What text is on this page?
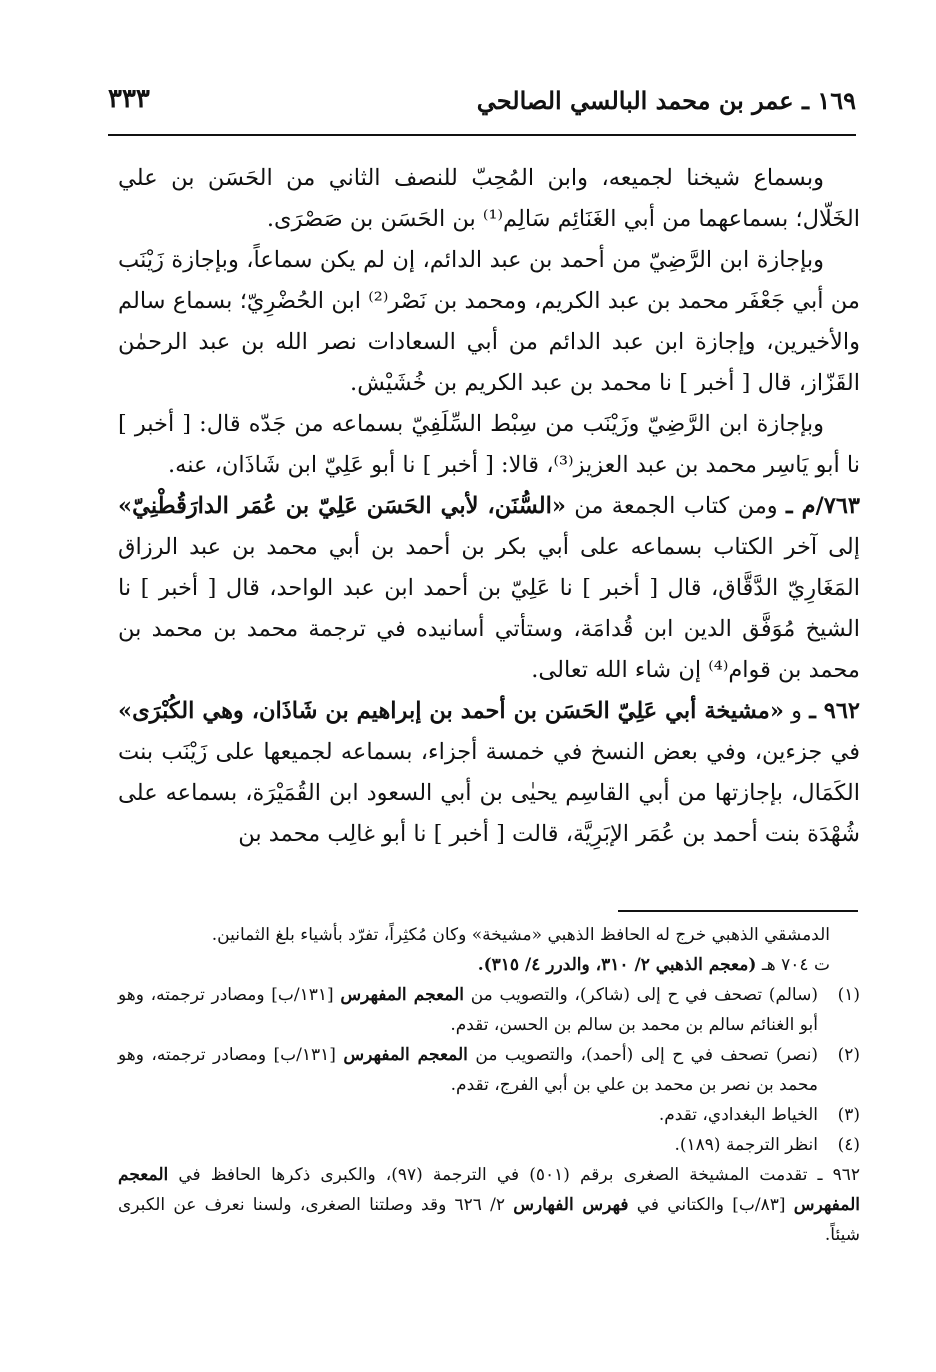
١٦٩ ـ عمر بن محمد البالسي الصالحي
٣٣٣

وبسماع شيخنا لجميعه، وابن المُحِبّ للنصف الثاني من الحَسَن بن علي الخَلّال؛ بسماعهما من أبي الغَنَائِم سَالِم⁽¹⁾ بن الحَسَن بن صَصْرَى.

وبإجازة ابن الرَّضِيّ من أحمد بن عبد الدائم، إن لم يكن سماعاً، وبإجازة زَيْنَب من أبي جَعْفَر محمد بن عبد الكريم، ومحمد بن نَصْر⁽²⁾ ابن الحُضْرِيّ؛ بسماع سالم والأخيرين، وإجازة ابن عبد الدائم من أبي السعادات نصر الله بن عبد الرحمٰن القَزّاز، قال [ أخبر ] نا محمد بن عبد الكريم بن خُشَيْش.

وبإجازة ابن الرَّضِيّ وزَيْنَب من سِبْط السِّلَفِيّ بسماعه من جَدّه قال: [ أخبر ] نا أبو يَاسِر محمد بن عبد العزيز⁽³⁾، قالا: [ أخبر ] نا أبو عَلِيّ ابن شَاذَان، عنه.

٧٦٣/م ـ ومن كتاب الجمعة من «السُّنَن، لأبي الحَسَن عَلِيّ بن عُمَر الدارَقُطْنِيّ» إلى آخر الكتاب بسماعه على أبي بكر بن أحمد بن أبي محمد بن عبد الرزاق المَغَارِيّ الدَّقَّاق، قال [ أخبر ] نا عَلِيّ بن أحمد ابن عبد الواحد، قال [ أخبر ] نا الشيخ مُوَفَّق الدين ابن قُدامَة، وستأتي أسانيده في ترجمة محمد بن محمد بن محمد بن قوام⁽⁴⁾ إن شاء الله تعالى.

٩٦٢ ـ و «مشيخة أبي عَلِيّ الحَسَن بن أحمد بن إبراهيم بن شَاذَان، وهي الكُبْرَى» في جزءين، وفي بعض النسخ في خمسة أجزاء، بسماعه لجميعها على زَيْنَب بنت الكَمَال، بإجازتها من أبي القاسِم يحيٰى بن أبي السعود ابن القُمَيْرَة، بسماعه على شُهْدَة بنت أحمد بن عُمَر الإبَرِيَّة، قالت [ أخبر ] نا أبو غالِب محمد بن

الدمشقي الذهبي خرج له الحافظ الذهبي «مشيخة» وكان مُكثِراً، تفرّد بأشياء بلغ الثمانين.
ت ٧٠٤ هـ (معجم الذهبي ٢/ ٣١٠، والدرر ٤/ ٣١٥).

(١)(سالم) تصحف في ح إلى (شاكر)، والتصويب من المعجم المفهرس [١٣١/ب] ومصادر ترجمته، وهو أبو الغنائم سالم بن محمد بن سالم بن الحسن، تقدم.

(٢)(نصر) تصحف في ح إلى (أحمد)، والتصويب من المعجم المفهرس [١٣١/ب] ومصادر ترجمته، وهو محمد بن نصر بن محمد بن علي بن أبي الفرج، تقدم.

(٣)الخياط البغدادي، تقدم.

(٤)انظر الترجمة (١٨٩).

٩٦٢ ـ تقدمت المشيخة الصغرى برقم (٥٠١) في الترجمة (٩٧)، والكبرى ذكرها الحافظ في المعجم المفهرس [٨٣/ب] والكتاني في فهرس الفهارس ٢/ ٦٢٦ وقد وصلتنا الصغرى، ولسنا نعرف عن الكبرى شيئاً.
